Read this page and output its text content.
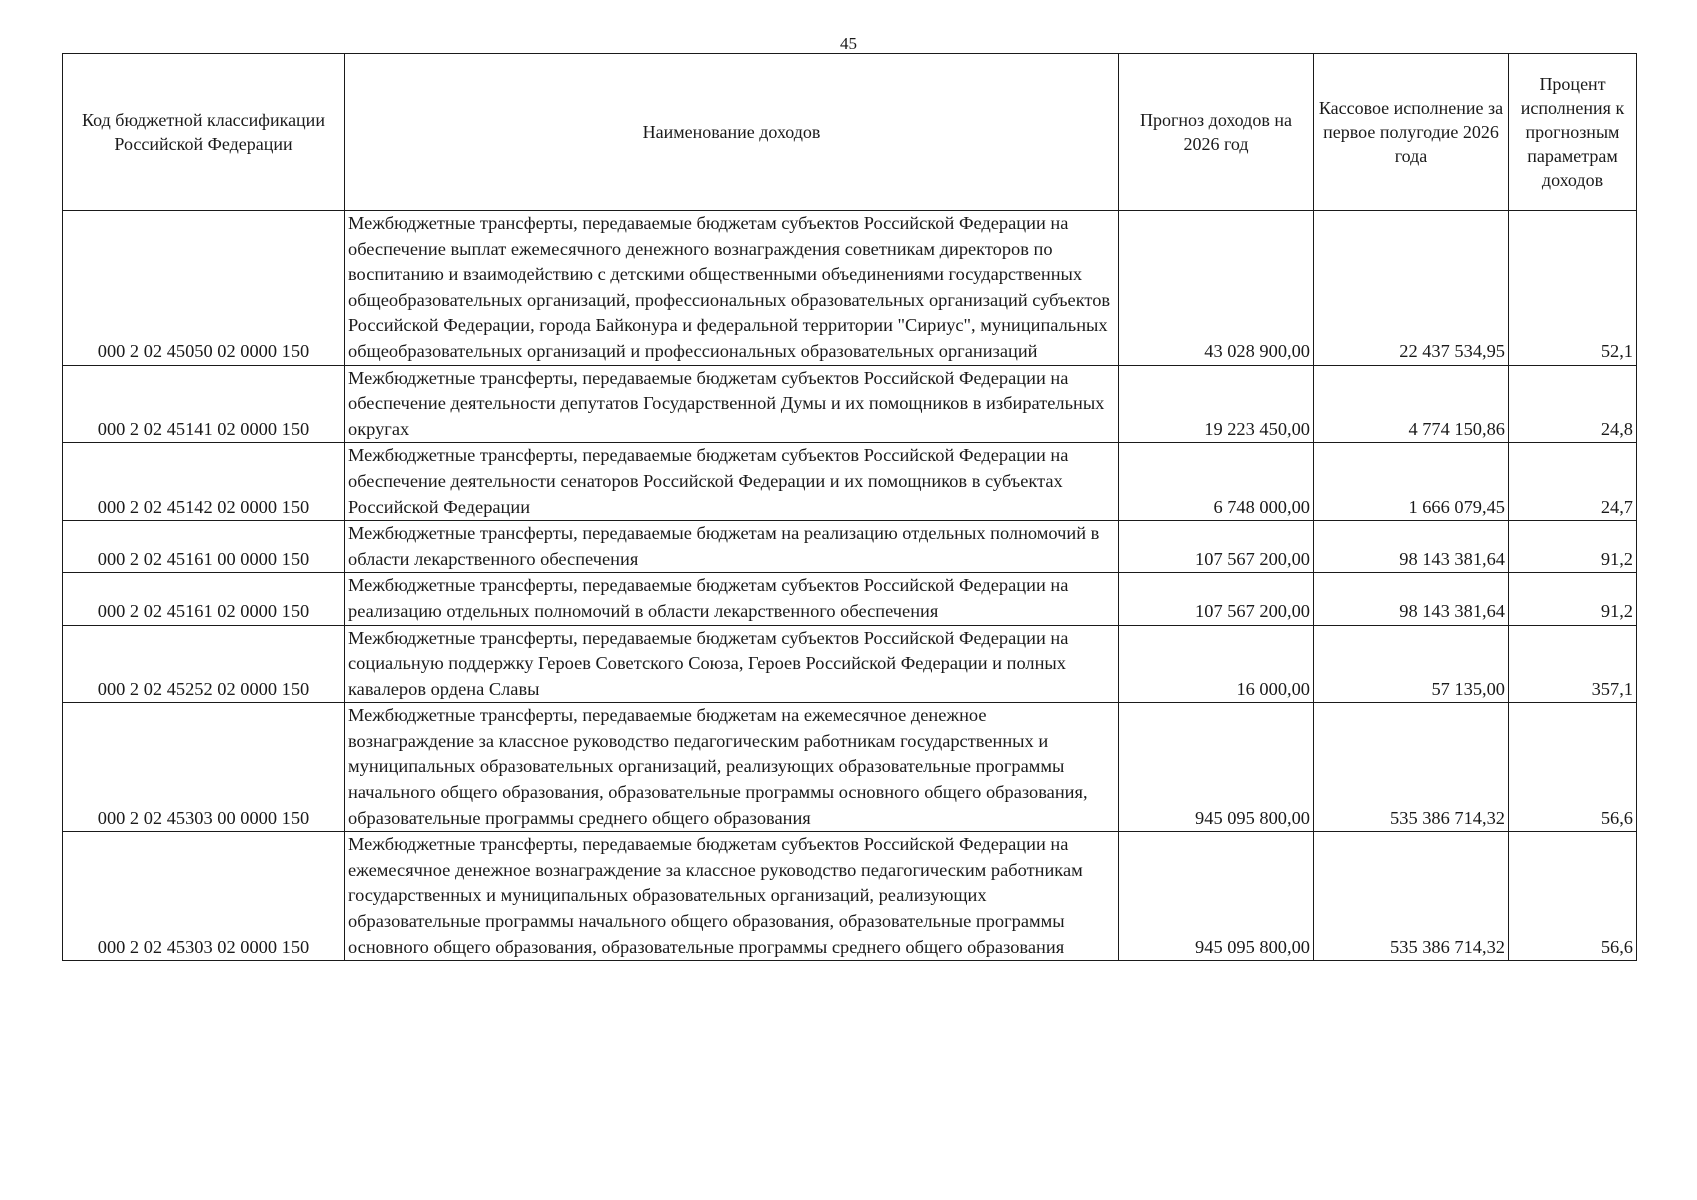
45
Код бюджетной классификации Российской Федерации	Наименование доходов	Прогноз доходов на 2026 год	Кассовое исполнение за первое полугодие 2026 года	Процент исполнения к прогнозным параметрам доходов
000 2 02 45050 02 0000 150	Межбюджетные трансферты, передаваемые бюджетам субъектов Российской Федерации на обеспечение выплат ежемесячного денежного вознаграждения советникам директоров по воспитанию и взаимодействию с детскими общественными объединениями государственных общеобразовательных организаций, профессиональных образовательных организаций субъектов Российской Федерации, города Байконура и федеральной территории "Сириус", муниципальных общеобразовательных организаций и профессиональных образовательных организаций	43 028 900,00	22 437 534,95	52,1
000 2 02 45141 02 0000 150	Межбюджетные трансферты, передаваемые бюджетам субъектов Российской Федерации на обеспечение деятельности депутатов Государственной Думы и их помощников в избирательных округах	19 223 450,00	4 774 150,86	24,8
000 2 02 45142 02 0000 150	Межбюджетные трансферты, передаваемые бюджетам субъектов Российской Федерации на обеспечение деятельности сенаторов Российской Федерации и их помощников в субъектах Российской Федерации	6 748 000,00	1 666 079,45	24,7
000 2 02 45161 00 0000 150	Межбюджетные трансферты, передаваемые бюджетам на реализацию отдельных полномочий в области лекарственного обеспечения	107 567 200,00	98 143 381,64	91,2
000 2 02 45161 02 0000 150	Межбюджетные трансферты, передаваемые бюджетам субъектов Российской Федерации на реализацию отдельных полномочий в области лекарственного обеспечения	107 567 200,00	98 143 381,64	91,2
000 2 02 45252 02 0000 150	Межбюджетные трансферты, передаваемые бюджетам субъектов Российской Федерации на социальную поддержку Героев Советского Союза, Героев Российской Федерации и полных кавалеров ордена Славы	16 000,00	57 135,00	357,1
000 2 02 45303 00 0000 150	Межбюджетные трансферты, передаваемые бюджетам на ежемесячное денежное вознаграждение за классное руководство педагогическим работникам государственных и муниципальных образовательных организаций, реализующих образовательные программы начального общего образования, образовательные программы основного общего образования, образовательные программы среднего общего образования	945 095 800,00	535 386 714,32	56,6
000 2 02 45303 02 0000 150	Межбюджетные трансферты, передаваемые бюджетам субъектов Российской Федерации на ежемесячное денежное вознаграждение за классное руководство педагогическим работникам государственных и муниципальных образовательных организаций, реализующих образовательные программы начального общего образования, образовательные программы основного общего образования, образовательные программы среднего общего образования	945 095 800,00	535 386 714,32	56,6
